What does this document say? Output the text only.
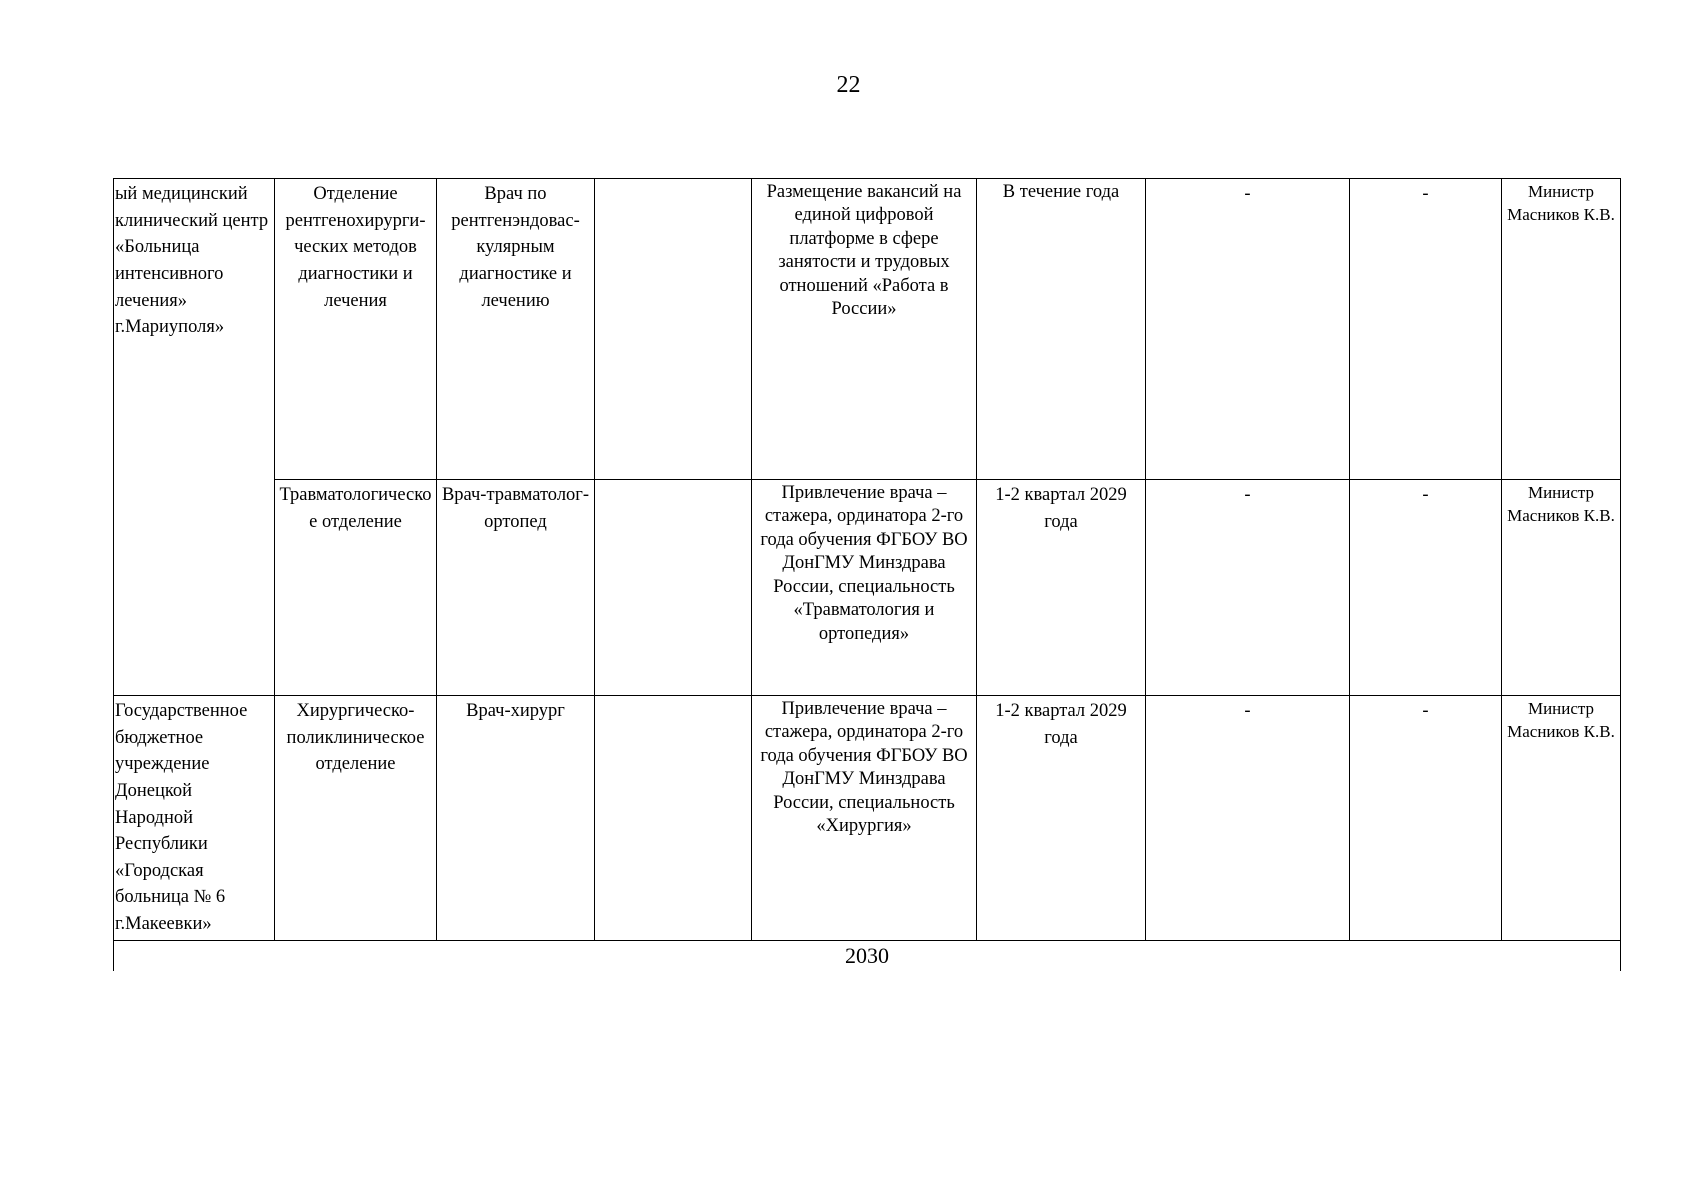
22
ый медицинский клинический центр «Больница интенсивного лечения» г.Мариуполя»	Отделение рентгенохирурги-ческих методов диагностики и лечения	Врач по рентгенэндовас-кулярным диагностике и лечению		Размещение вакансий на единой цифровой платформе в сфере занятости и трудовых отношений «Работа в России»	В течение года	-	-	Министр Масников К.В.
	Травматологическое отделение	Врач-травматолог-ортопед		Привлечение врача – стажера, ординатора 2-го года обучения ФГБОУ ВО ДонГМУ Минздрава России, специальность «Травматология и ортопедия»	1-2 квартал 2029 года	-	-	Министр Масников К.В.
Государственное бюджетное учреждение Донецкой Народной Республики «Городская больница № 6 г.Макеевки»	Хирургическо-поликлиническое отделение	Врач-хирург		Привлечение врача – стажера, ординатора 2-го года обучения ФГБОУ ВО ДонГМУ Минздрава России, специальность «Хирургия»	1-2 квартал 2029 года	-	-	Министр Масников К.В.
2030								
